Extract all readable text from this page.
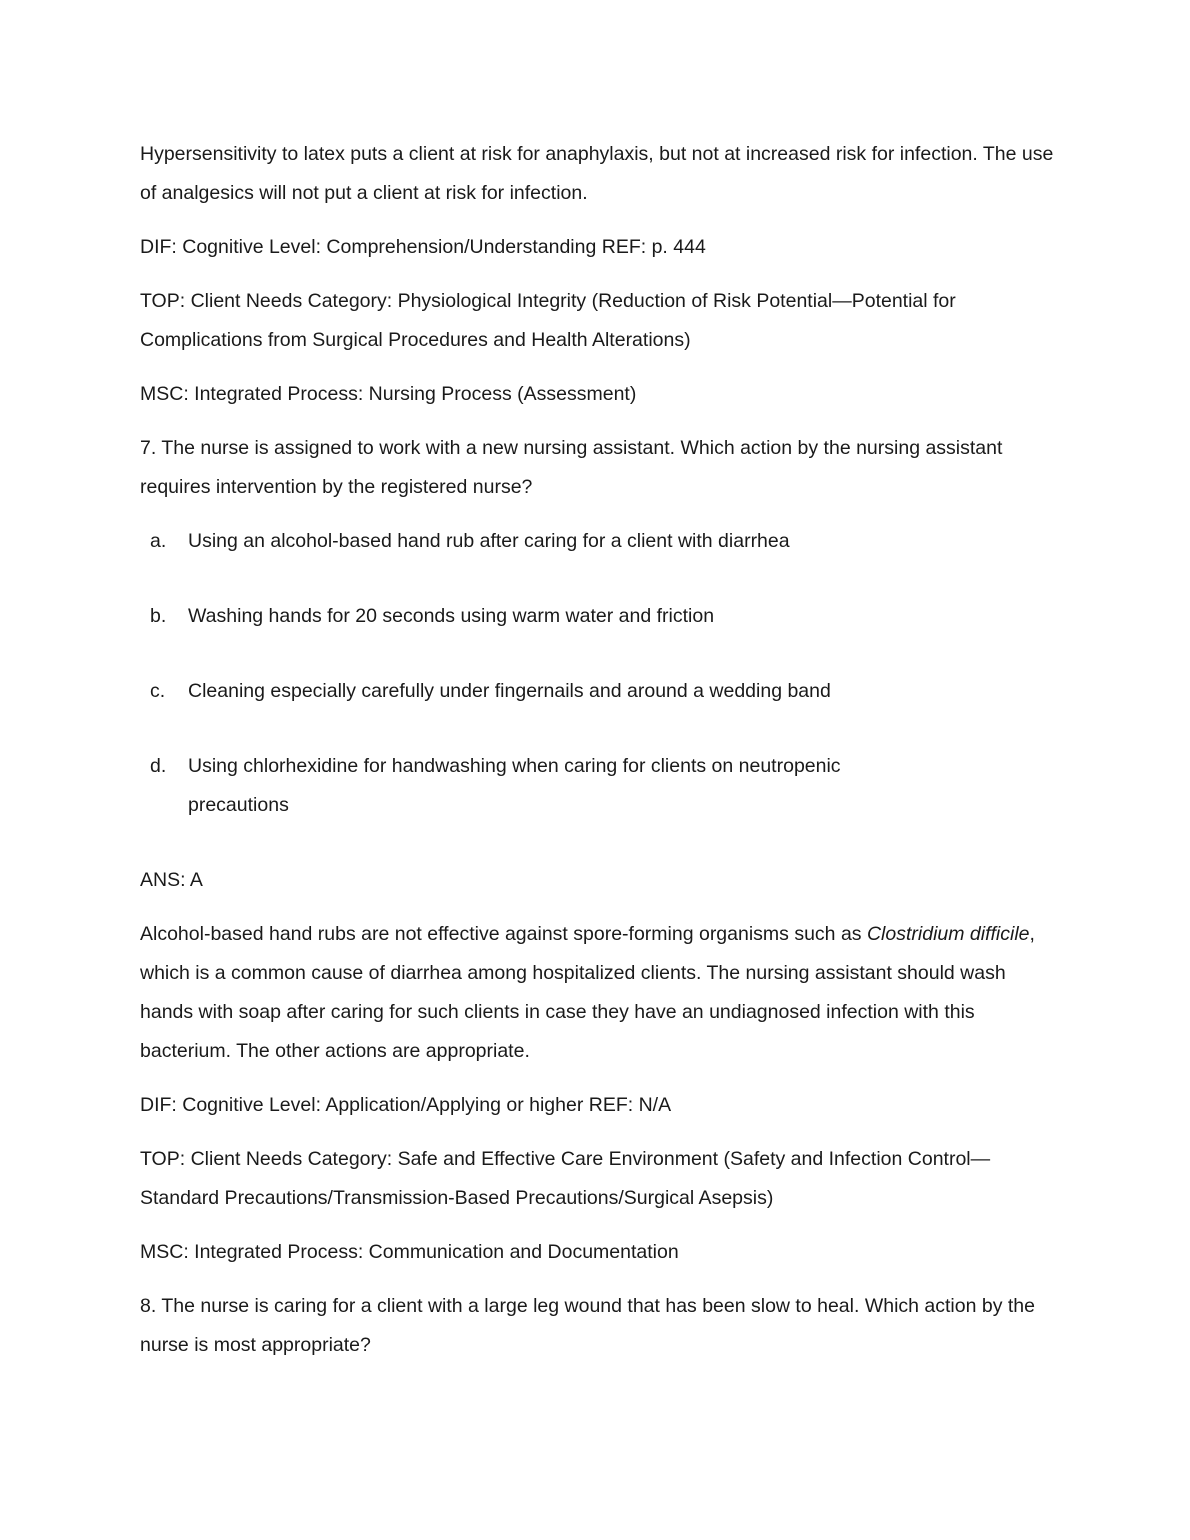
Hypersensitivity to latex puts a client at risk for anaphylaxis, but not at increased risk for infection. The use of analgesics will not put a client at risk for infection.

DIF: Cognitive Level: Comprehension/Understanding REF: p. 444

TOP: Client Needs Category: Physiological Integrity (Reduction of Risk Potential—Potential for Complications from Surgical Procedures and Health Alterations)

MSC: Integrated Process: Nursing Process (Assessment)

7. The nurse is assigned to work with a new nursing assistant. Which action by the nursing assistant requires intervention by the registered nurse?

a.	Using an alcohol-based hand rub after caring for a client with diarrhea
b.	Washing hands for 20 seconds using warm water and friction
c.	Cleaning especially carefully under fingernails and around a wedding band
d.	Using chlorhexidine for handwashing when caring for clients on neutropenic precautions

ANS: A

Alcohol-based hand rubs are not effective against spore-forming organisms such as Clostridium difficile, which is a common cause of diarrhea among hospitalized clients. The nursing assistant should wash hands with soap after caring for such clients in case they have an undiagnosed infection with this bacterium. The other actions are appropriate.

DIF: Cognitive Level: Application/Applying or higher REF: N/A

TOP: Client Needs Category: Safe and Effective Care Environment (Safety and Infection Control—Standard Precautions/Transmission-Based Precautions/Surgical Asepsis)

MSC: Integrated Process: Communication and Documentation

8. The nurse is caring for a client with a large leg wound that has been slow to heal. Which action by the nurse is most appropriate?
